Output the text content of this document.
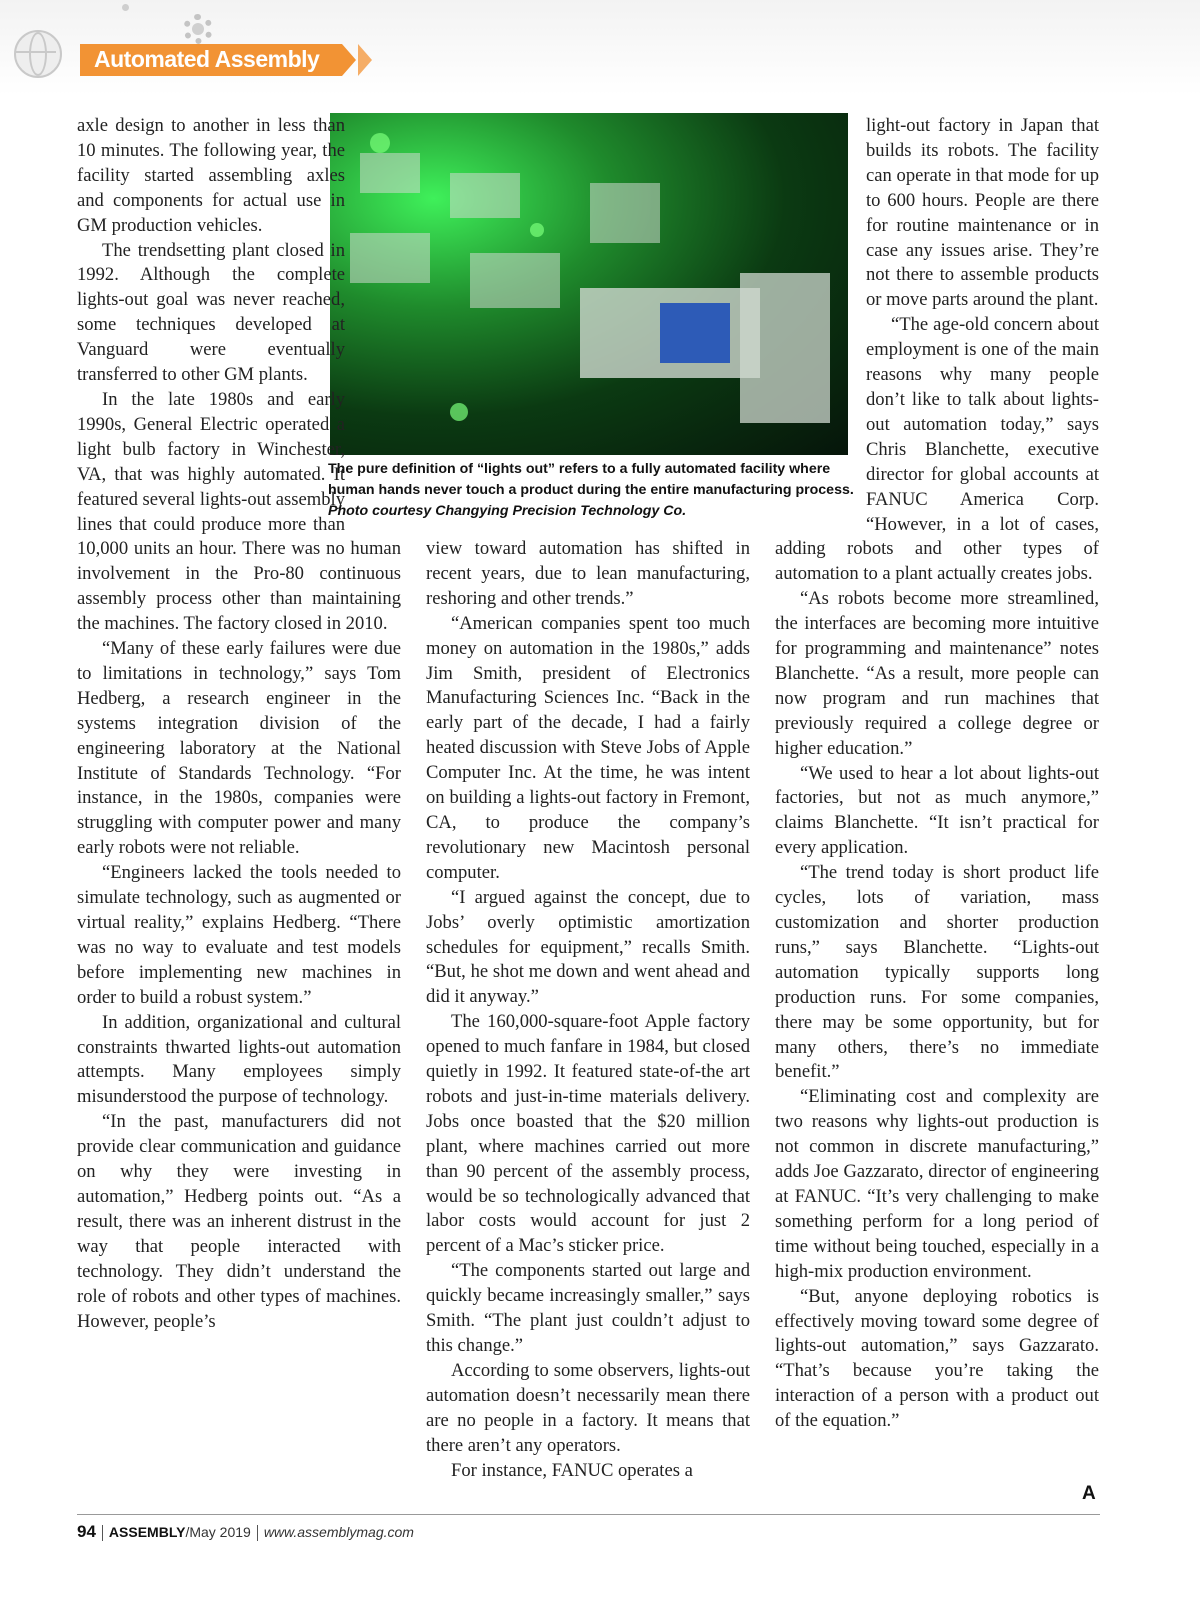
Automated Assembly
The pure definition of “lights out” refers to a fully automated facility where human hands never touch a product during the entire manufacturing process.
Photo courtesy Changying Precision Technology Co.

axle design to another in less than 10 minutes. The following year, the facility started assembling axles and components for actual use in GM production vehicles.

The trendsetting plant closed in 1992. Although the complete lights-out goal was never reached, some techniques developed at Vanguard were eventually transferred to other GM plants.

In the late 1980s and early 1990s, General Electric operated a light bulb factory in Winchester, VA, that was highly automated. It featured several lights-out assembly lines that could produce more than 10,000 units an hour. There was no human involvement in the Pro-80 continuous assembly process other than maintaining the machines. The factory closed in 2010.

“Many of these early failures were due to limitations in technology,” says Tom Hedberg, a research engineer in the systems integration division of the engineering laboratory at the National Institute of Standards Technology. “For instance, in the 1980s, companies were struggling with computer power and many early robots were not reliable.

“Engineers lacked the tools needed to simulate technology, such as augmented or virtual reality,” explains Hedberg. “There was no way to evaluate and test models before implementing new machines in order to build a robust system.”

In addition, organizational and cultural constraints thwarted lights-out automation attempts. Many employees simply misunderstood the purpose of technology.

“In the past, manufacturers did not provide clear communication and guidance on why they were investing in automation,” Hedberg points out. “As a result, there was an inherent distrust in the way that people interacted with technology. They didn’t understand the role of robots and other types of machines. However, people’s

view toward automation has shifted in recent years, due to lean manufacturing, reshoring and other trends.”

“American companies spent too much money on automation in the 1980s,” adds Jim Smith, president of Electronics Manufacturing Sciences Inc. “Back in the early part of the decade, I had a fairly heated discussion with Steve Jobs of Apple Computer Inc. At the time, he was intent on building a lights-out factory in Fremont, CA, to produce the company’s revolutionary new Macintosh personal computer.

“I argued against the concept, due to Jobs’ overly optimistic amortization schedules for equipment,” recalls Smith. “But, he shot me down and went ahead and did it anyway.”

The 160,000-square-foot Apple factory opened to much fanfare in 1984, but closed quietly in 1992. It featured state-of-the art robots and just-in-time materials delivery. Jobs once boasted that the $20 million plant, where machines carried out more than 90 percent of the assembly process, would be so technologically advanced that labor costs would account for just 2 percent of a Mac’s sticker price.

“The components started out large and quickly became increasingly smaller,” says Smith. “The plant just couldn’t adjust to this change.”

According to some observers, lights-out automation doesn’t necessarily mean there are no people in a factory. It means that there aren’t any operators.

For instance, FANUC operates a

light-out factory in Japan that builds its robots. The facility can operate in that mode for up to 600 hours. People are there for routine maintenance or in case any issues arise. They’re not there to assemble products or move parts around the plant.

“The age-old concern about employment is one of the main reasons why many people don’t like to talk about lights-out automation today,” says Chris Blanchette, executive director for global accounts at FANUC America Corp. “However, in a lot of cases, adding robots and other types of automation to a plant actually creates jobs.

“As robots become more streamlined, the interfaces are becoming more intuitive for programming and maintenance” notes Blanchette. “As a result, more people can now program and run machines that previously required a college degree or higher education.”

“We used to hear a lot about lights-out factories, but not as much anymore,” claims Blanchette. “It isn’t practical for every application.

“The trend today is short product life cycles, lots of variation, mass customization and shorter production runs,” says Blanchette. “Lights-out automation typically supports long production runs. For some companies, there may be some opportunity, but for many others, there’s no immediate benefit.”

“Eliminating cost and complexity are two reasons why lights-out production is not common in discrete manufacturing,” adds Joe Gazzarato, director of engineering at FANUC. “It’s very challenging to make something perform for a long period of time without being touched, especially in a high-mix production environment.

“But, anyone deploying robotics is effectively moving toward some degree of lights-out automation,” says Gazzarato. “That’s because you’re taking the interaction of a person with a product out of the equation.”

A
94 ASSEMBLY/May 2019 www.assemblymag.com
